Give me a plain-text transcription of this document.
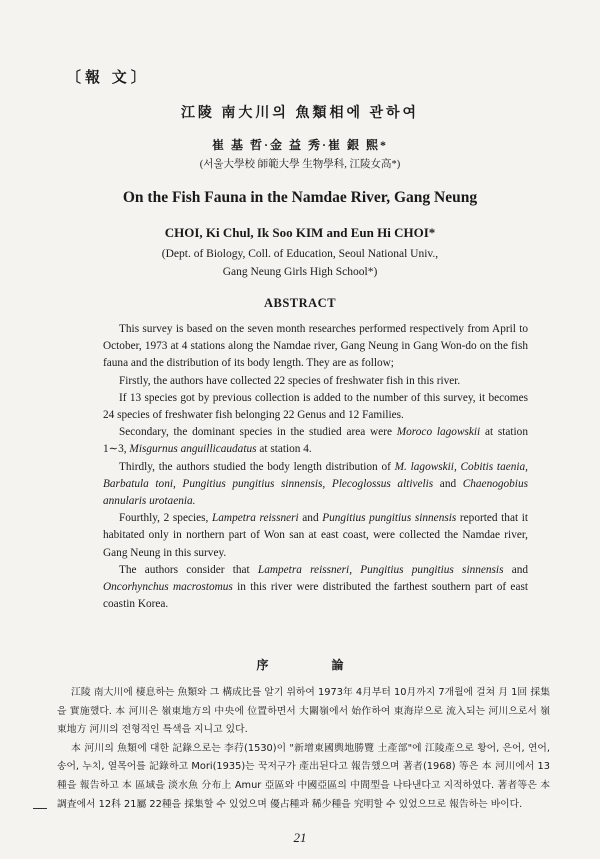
〔報 文〕
江陵 南大川의 魚類相에 관하여
崔 基 哲·金 益 秀·崔 銀 熙*
(서울大學校 師範大學 生物學科, 江陵女高*)
On the Fish Fauna in the Namdae River, Gang Neung
CHOI, Ki Chul, Ik Soo KIM and Eun Hi CHOI*
(Dept. of Biology, Coll. of Education, Seoul National Univ.,
Gang Neung Girls High School*)
ABSTRACT

This survey is based on the seven month researches performed respectively from April to October, 1973 at 4 stations along the Namdae river, Gang Neung in Gang Won-do on the fish fauna and the distribution of its body length. They are as follow;

Firstly, the authors have collected 22 species of freshwater fish in this river.

If 13 species got by previous collection is added to the number of this survey, it becomes 24 species of freshwater fish belonging 22 Genus and 12 Families.

Secondary, the dominant species in the studied area were Moroco lagowskii at station 1∼3, Misgurnus anguillicaudatus at station 4.

Thirdly, the authors studied the body length distribution of M. lagowskii, Cobitis taenia, Barbatula toni, Pungitius pungitius sinnensis, Plecoglossus altivelis and Chaenogobius annularis urotaenia.

Fourthly, 2 species, Lampetra reissneri and Pungitius pungitius sinnensis reported that it habitated only in northern part of Won san at east coast, were collected the Namdae river, Gang Neung in this survey.

The authors consider that Lampetra reissneri, Pungitius pungitius sinnensis and Oncorhynchus macrostomus in this river were distributed the farthest southern part of east coastin Korea.

序 論

江陵 南大川에 棲息하는 魚類와 그 構成比를 알기 위하여 1973年 4月부터 10月까지 7개월에 걸쳐 月 1回 採集을 實施했다. 本 河川은 嶺東地方의 中央에 位置하면서 大關嶺에서 始作하여 東海岸으로 流入되는 河川으로서 嶺東地方 河川의 전형적인 특색을 지니고 있다.

本 河川의 魚類에 대한 記錄으로는 李荇(1530)이 "新增東國輿地勝覽 土產部"에 江陵產으로 황어, 은어, 연어, 송어, 누치, 열목어를 記錄하고 Mori(1935)는 꾹저구가 產出된다고 報告했으며 著者(1968) 等은 本 河川에서 13種을 報告하고 本 區域을 淡水魚 分布上 Amur 亞區와 中國亞區의 中間型을 나타낸다고 지적하였다. 著者等은 本 調査에서 12科 21屬 22種을 採集할 수 있었으며 優占種과 稀少種을 究明할 수 있었으므로 報告하는 바이다.

21
